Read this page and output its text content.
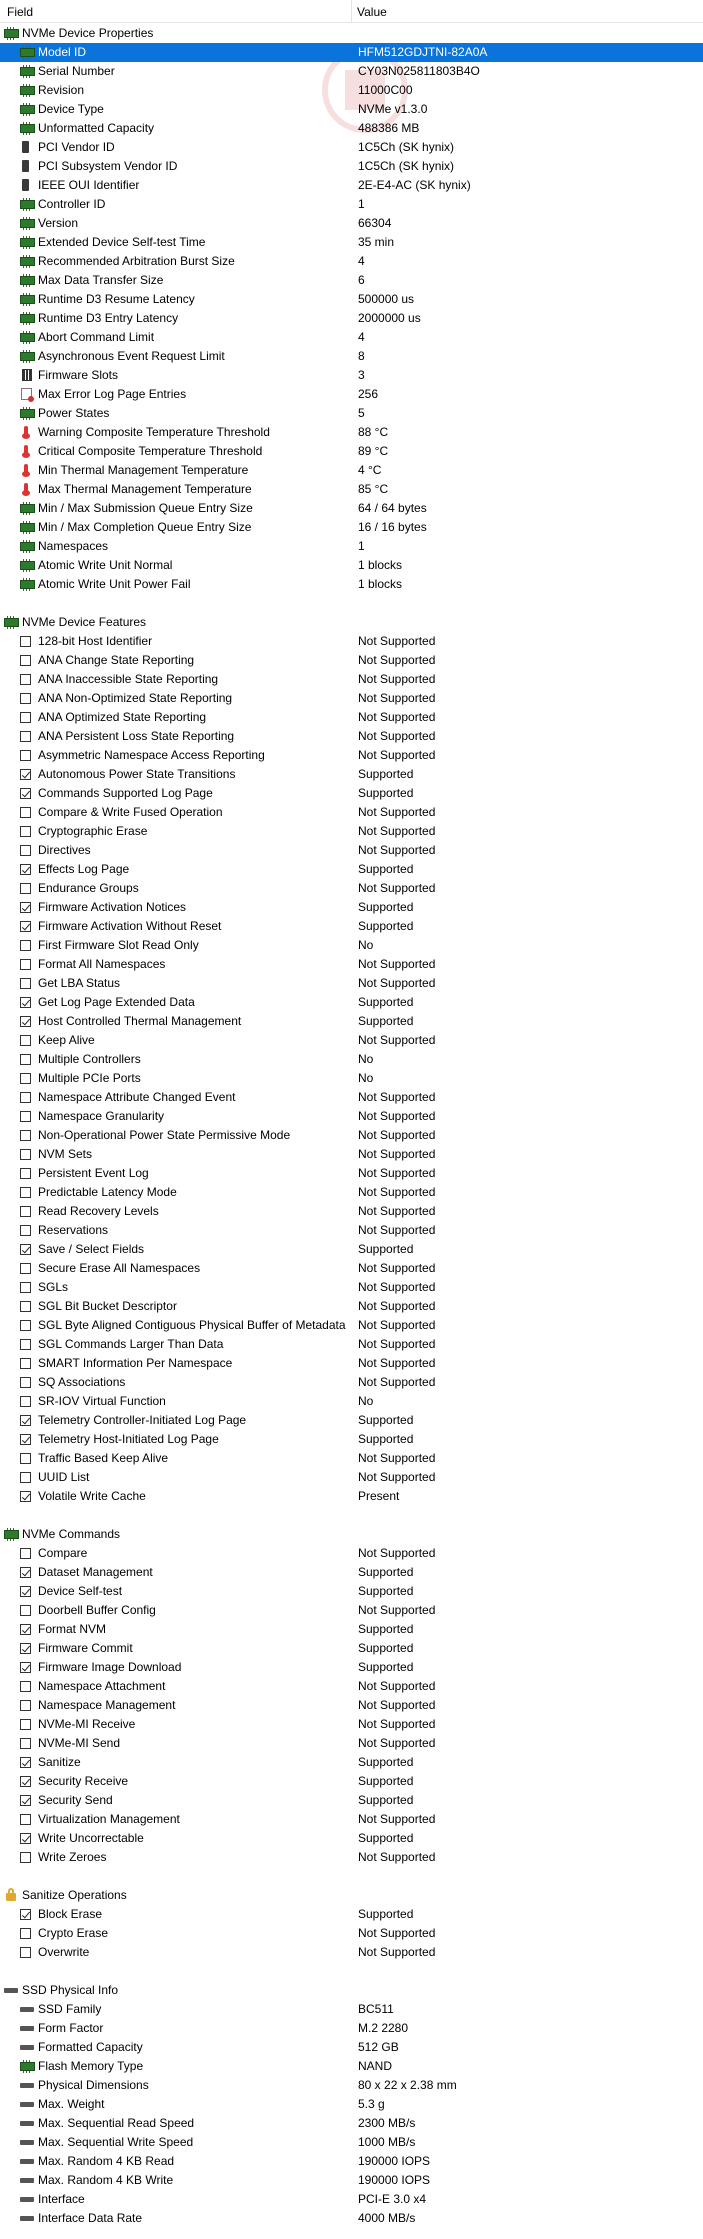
Field	Value
NVMe Device Properties
Model ID	HFM512GDJTNI-82A0A
Serial Number	CY03N025811803B4O
Revision	11000C00
Device Type	NVMe v1.3.0
Unformatted Capacity	488386 MB
PCI Vendor ID	1C5Ch (SK hynix)
PCI Subsystem Vendor ID	1C5Ch (SK hynix)
IEEE OUI Identifier	2E-E4-AC (SK hynix)
Controller ID	1
Version	66304
Extended Device Self-test Time	35 min
Recommended Arbitration Burst Size	4
Max Data Transfer Size	6
Runtime D3 Resume Latency	500000 us
Runtime D3 Entry Latency	2000000 us
Abort Command Limit	4
Asynchronous Event Request Limit	8
Firmware Slots	3
Max Error Log Page Entries	256
Power States	5
Warning Composite Temperature Threshold	88 °C
Critical Composite Temperature Threshold	89 °C
Min Thermal Management Temperature	4 °C
Max Thermal Management Temperature	85 °C
Min / Max Submission Queue Entry Size	64 / 64 bytes
Min / Max Completion Queue Entry Size	16 / 16 bytes
Namespaces	1
Atomic Write Unit Normal	1 blocks
Atomic Write Unit Power Fail	1 blocks
NVMe Device Features
128-bit Host Identifier	Not Supported
ANA Change State Reporting	Not Supported
ANA Inaccessible State Reporting	Not Supported
ANA Non-Optimized State Reporting	Not Supported
ANA Optimized State Reporting	Not Supported
ANA Persistent Loss State Reporting	Not Supported
Asymmetric Namespace Access Reporting	Not Supported
Autonomous Power State Transitions	Supported
Commands Supported Log Page	Supported
Compare & Write Fused Operation	Not Supported
Cryptographic Erase	Not Supported
Directives	Not Supported
Effects Log Page	Supported
Endurance Groups	Not Supported
Firmware Activation Notices	Supported
Firmware Activation Without Reset	Supported
First Firmware Slot Read Only	No
Format All Namespaces	Not Supported
Get LBA Status	Not Supported
Get Log Page Extended Data	Supported
Host Controlled Thermal Management	Supported
Keep Alive	Not Supported
Multiple Controllers	No
Multiple PCIe Ports	No
Namespace Attribute Changed Event	Not Supported
Namespace Granularity	Not Supported
Non-Operational Power State Permissive Mode	Not Supported
NVM Sets	Not Supported
Persistent Event Log	Not Supported
Predictable Latency Mode	Not Supported
Read Recovery Levels	Not Supported
Reservations	Not Supported
Save / Select Fields	Supported
Secure Erase All Namespaces	Not Supported
SGLs	Not Supported
SGL Bit Bucket Descriptor	Not Supported
SGL Byte Aligned Contiguous Physical Buffer of Metadata Not Supported
SGL Commands Larger Than Data	Not Supported
SMART Information Per Namespace	Not Supported
SQ Associations	Not Supported
SR-IOV Virtual Function	No
Telemetry Controller-Initiated Log Page	Supported
Telemetry Host-Initiated Log Page	Supported
Traffic Based Keep Alive	Not Supported
UUID List	Not Supported
Volatile Write Cache	Present
NVMe Commands
Compare	Not Supported
Dataset Management	Supported
Device Self-test	Supported
Doorbell Buffer Config	Not Supported
Format NVM	Supported
Firmware Commit	Supported
Firmware Image Download	Supported
Namespace Attachment	Not Supported
Namespace Management	Not Supported
NVMe-MI Receive	Not Supported
NVMe-MI Send	Not Supported
Sanitize	Supported
Security Receive	Supported
Security Send	Supported
Virtualization Management	Not Supported
Write Uncorrectable	Supported
Write Zeroes	Not Supported
Sanitize Operations
Block Erase	Supported
Crypto Erase	Not Supported
Overwrite	Not Supported
SSD Physical Info
SSD Family	BC511
Form Factor	M.2 2280
Formatted Capacity	512 GB
Flash Memory Type	NAND
Physical Dimensions	80 x 22 x 2.38 mm
Max. Weight	5.3 g
Max. Sequential Read Speed	2300 MB/s
Max. Sequential Write Speed	1000 MB/s
Max. Random 4 KB Read	190000 IOPS
Max. Random 4 KB Write	190000 IOPS
Interface	PCI-E 3.0 x4
Interface Data Rate	4000 MB/s
